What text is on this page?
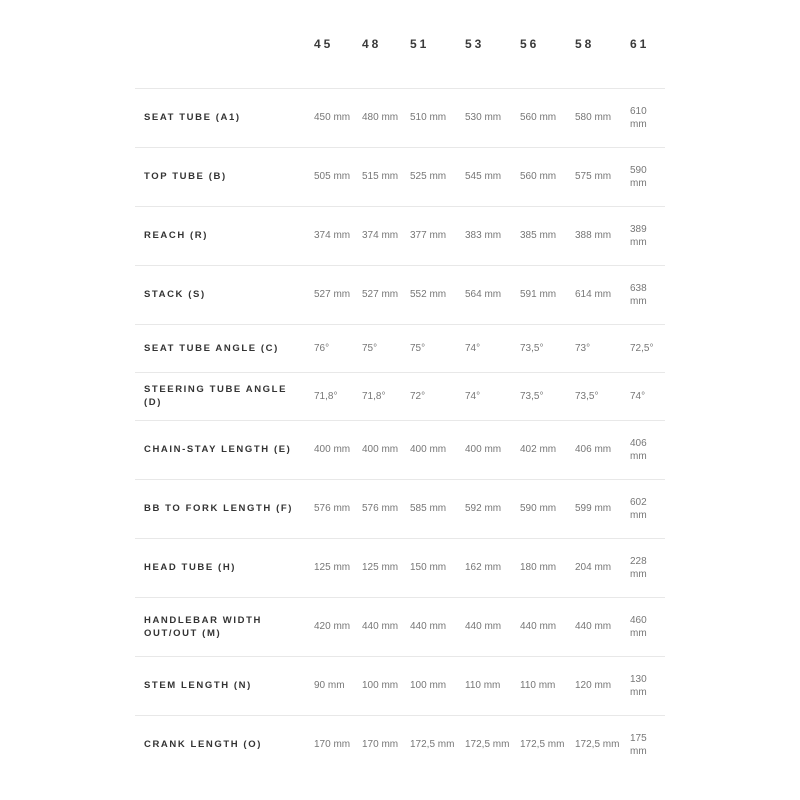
	45	48	51	53	56	58	61
SEAT TUBE (A1)	450 mm	480 mm	510 mm	530 mm	560 mm	580 mm	610 mm
TOP TUBE (B)	505 mm	515 mm	525 mm	545 mm	560 mm	575 mm	590 mm
REACH (R)	374 mm	374 mm	377 mm	383 mm	385 mm	388 mm	389 mm
STACK (S)	527 mm	527 mm	552 mm	564 mm	591 mm	614 mm	638 mm
SEAT TUBE ANGLE (C)	76°	75°	75°	74°	73,5°	73°	72,5°
STEERING TUBE ANGLE (D)	71,8°	71,8°	72°	74°	73,5°	73,5°	74°
CHAIN-STAY LENGTH (E)	400 mm	400 mm	400 mm	400 mm	402 mm	406 mm	406 mm
BB TO FORK LENGTH (F)	576 mm	576 mm	585 mm	592 mm	590 mm	599 mm	602 mm
HEAD TUBE (H)	125 mm	125 mm	150 mm	162 mm	180 mm	204 mm	228 mm
HANDLEBAR WIDTH OUT/OUT (M)	420 mm	440 mm	440 mm	440 mm	440 mm	440 mm	460 mm
STEM LENGTH (N)	90 mm	100 mm	100 mm	110 mm	110 mm	120 mm	130 mm
CRANK LENGTH (O)	170 mm	170 mm	172,5 mm	172,5 mm	172,5 mm	172,5 mm	175 mm
